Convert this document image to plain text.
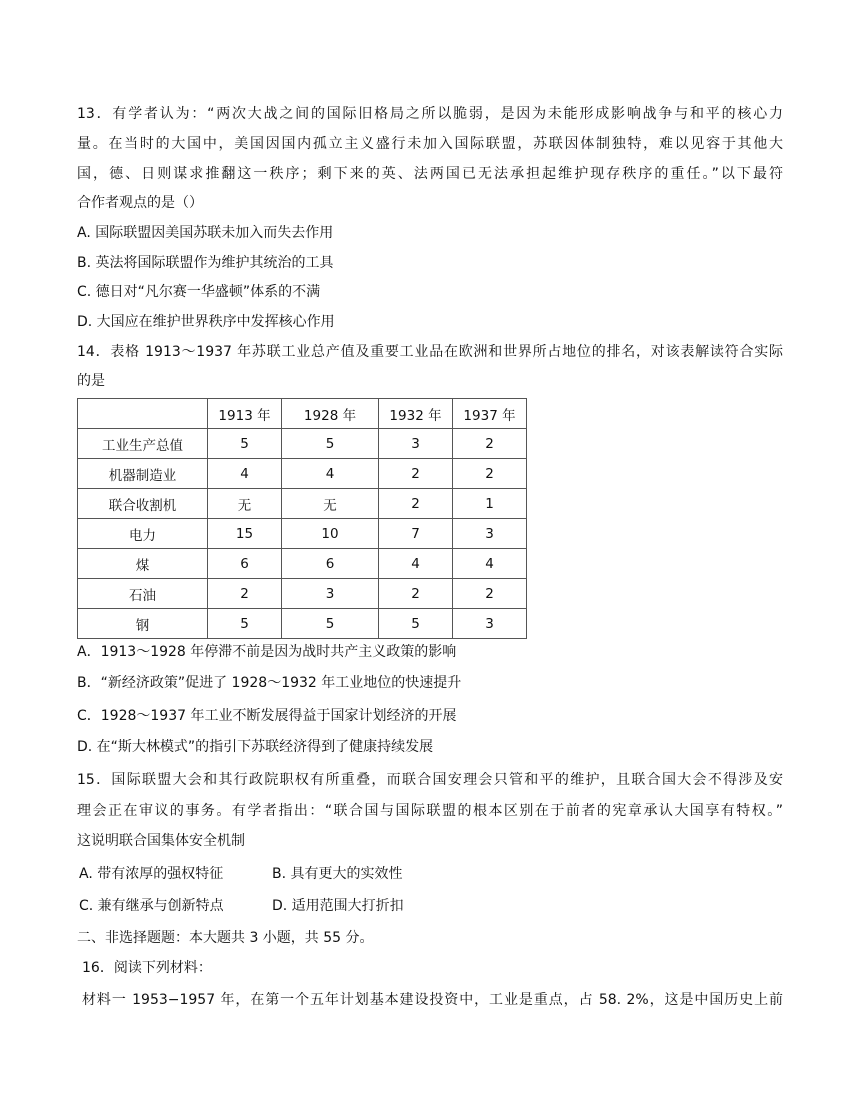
13．有学者认为：“两次大战之间的国际旧格局之所以脆弱，是因为未能形成影响战争与和平的核心力
量。在当时的大国中，美国因国内孤立主义盛行未加入国际联盟，苏联因体制独特，难以见容于其他大
国，德、日则谋求推翻这一秩序；剩下来的英、法两国已无法承担起维护现存秩序的重任。”以下最符
合作者观点的是（）
A. 国际联盟因美国苏联未加入而失去作用
B. 英法将国际联盟作为维护其统治的工具
C. 德日对“凡尔赛一华盛顿”体系的不满
D. 大国应在维护世界秩序中发挥核心作用
14．表格 1913～1937 年苏联工业总产值及重要工业品在欧洲和世界所占地位的排名，对该表解读符合实际
的是
	1913 年	1928 年	1932 年	1937 年
工业生产总值	5	5	3	2
机器制造业	4	4	2	2
联合收割机	无	无	2	1
电力	15	10	7	3
煤	6	6	4	4
石油	2	3	2	2
钢	5	5	5	3
A．1913～1928 年停滞不前是因为战时共产主义政策的影响
B．“新经济政策”促进了 1928～1932 年工业地位的快速提升
C．1928～1937 年工业不断发展得益于国家计划经济的开展
D. 在“斯大林模式”的指引下苏联经济得到了健康持续发展
15．国际联盟大会和其行政院职权有所重叠，而联合国安理会只管和平的维护，且联合国大会不得涉及安
理会正在审议的事务。有学者指出：“联合国与国际联盟的根本区别在于前者的宪章承认大国享有特权。”
这说明联合国集体安全机制
A. 带有浓厚的强权特征	B. 具有更大的实效性
C. 兼有继承与创新特点	D. 适用范围大打折扣
二、非选择题题：本大题共 3 小题，共 55 分。
16．阅读下列材料：
材料一 1953−1957 年，在第一个五年计划基本建设投资中，工业是重点，占 58. 2%，这是中国历史上前
